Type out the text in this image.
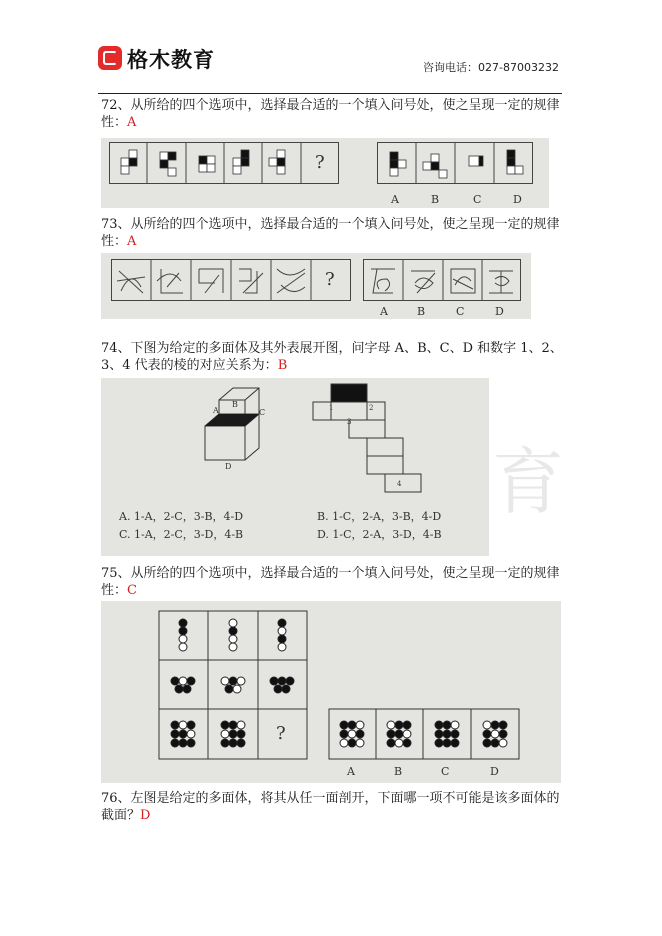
格木教育	咨询电话：027-87003232
72、从所给的四个选项中，选择最合适的一个填入问号处，使之呈现一定的规律性：A
?
A	B	C	D
73、从所给的四个选项中，选择最合适的一个填入问号处，使之呈现一定的规律性：A
?
A	B	C	D
74、下图为给定的多面体及其外表展开图，问字母 A、B、C、D 和数字 1、2、3、4 代表的棱的对应关系为：B
A
B
C
D
1	2
3
4
A. 1-A，2-C，3-B，4-D	B. 1-C，2-A，3-B，4-D
C. 1-A，2-C，3-D，4-B	D. 1-C，2-A，3-D，4-B
育
75、从所给的四个选项中，选择最合适的一个填入问号处，使之呈现一定的规律性：C
?
A	B	C	D
76、左图是给定的多面体，将其从任一面剖开，下面哪一项不可能是该多面体的截面？D
